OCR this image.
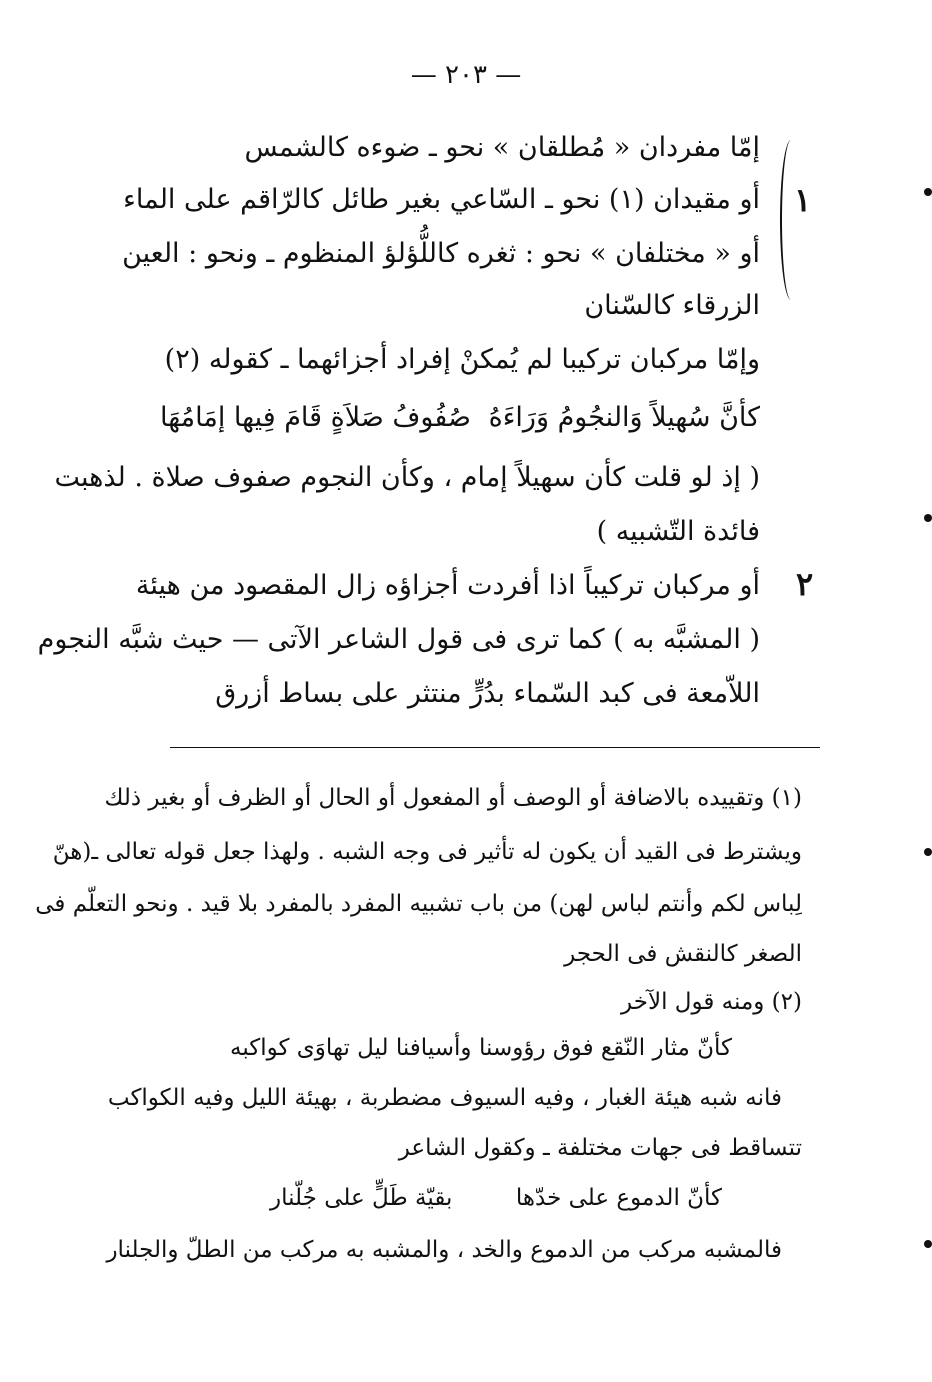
— ٢٠٣ —
١
٢
إمّا مفردان « مُطلقان » نحو ـ ضوءه كالشمس
أو مقيدان (١) نحو ـ السّاعي بغير طائل كالرّاقم على الماء
أو « مختلفان » نحو : ثغره كاللُّؤلؤ المنظوم ـ ونحو : العين
الزرقاء كالسّنان
وإمّا مركبان تركيبا لم يُمكنْ إفراد أجزائهما ـ كقوله (٢)
كأنَّ سُهيلاً وَالنجُومُ وَرَاءَهُ
صُفُوفُ صَلاَةٍ قَامَ فِيها إمَامُهَا
( إذ لو قلت كأن سهيلاً إمام ، وكأن النجوم صفوف صلاة . لذهبت
فائدة التّشبيه )
أو مركبان تركيباً اذا أفردت أجزاؤه زال المقصود من هيئة
( المشبَّه به ) كما ترى فى قول الشاعر الآتى — حيث شبَّه النجوم
اللاّمعة فى كبد السّماء بدُرٍّ منتثر على بساط أزرق
(١) وتقييده بالاضافة أو الوصف أو المفعول أو الحال أو الظرف أو بغير ذلك
ويشترط فى القيد أن يكون له تأثير فى وجه الشبه . ولهذا جعل قوله تعالى ـ(هنّ
لِباس لكم وأنتم لباس لهن) من باب تشبيه المفرد بالمفرد بلا قيد . ونحو التعلّم فى
الصغر كالنقش فى الحجر
(٢) ومنه قول الآخر
كأنّ مثار النّقع فوق رؤوسنا
وأسيافنا ليل تهاوَى كواكبه
فانه شبه هيئة الغبار ، وفيه السيوف مضطربة ، بهيئة الليل وفيه الكواكب
تتساقط فى جهات مختلفة ـ وكقول الشاعر
كأنّ الدموع على خدّها
بقيّة طَلٍّ على جُلّنار
فالمشبه مركب من الدموع والخد ، والمشبه به مركب من الطلّ والجلنار
